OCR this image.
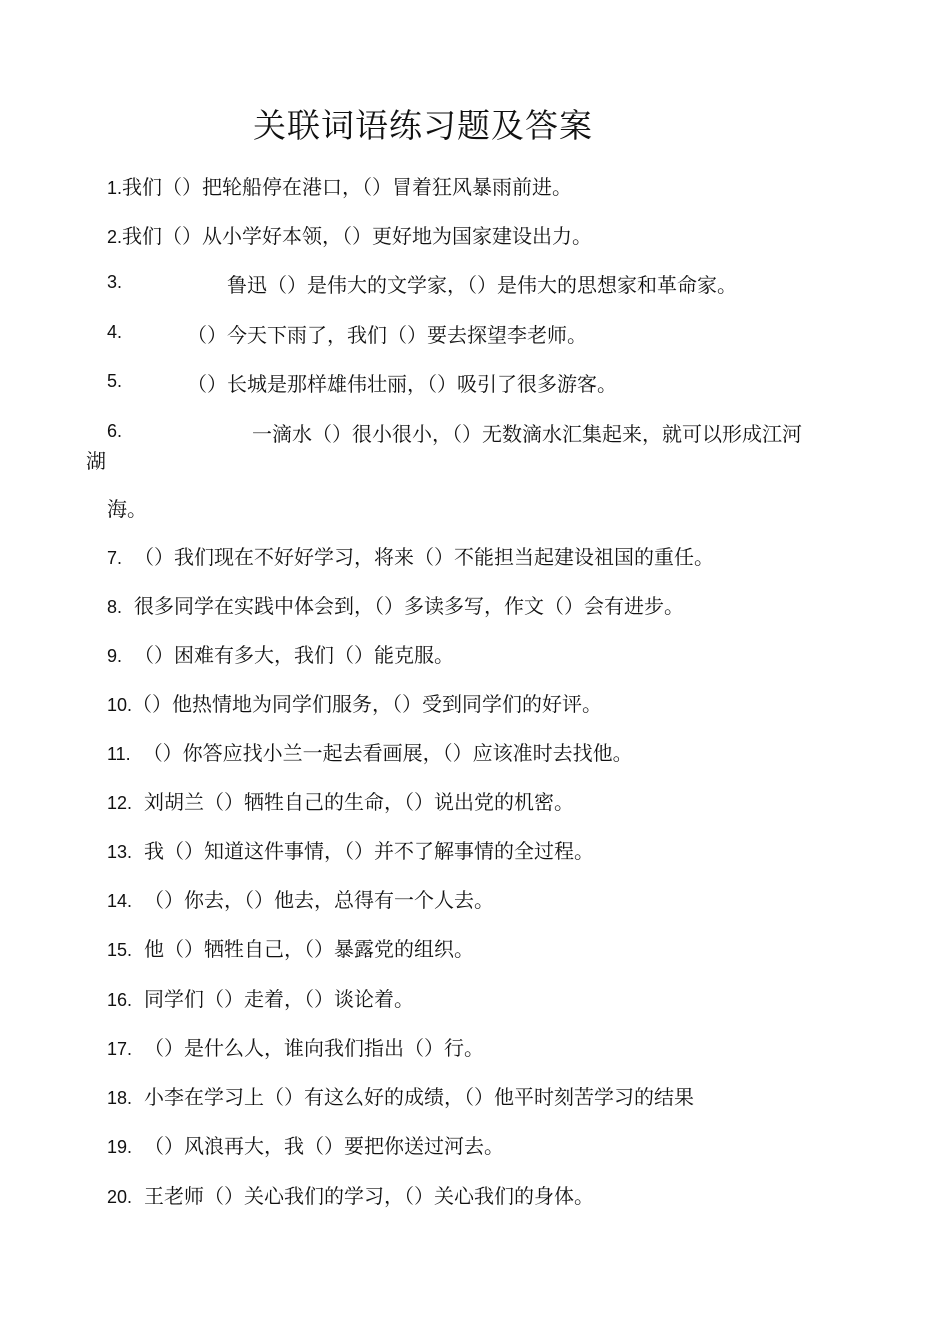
关联词语练习题及答案
1.我们（）把轮船停在港口，（）冒着狂风暴雨前进。
2.我们（）从小学好本领，（）更好地为国家建设出力。
3.	鲁迅（）是伟大的文学家，（）是伟大的思想家和革命家。
4.	（）今天下雨了，我们（）要去探望李老师。
5.	（）长城是那样雄伟壮丽，（）吸引了很多游客。
6.	一滴水（）很小很小，（）无数滴水汇集起来，就可以形成江河
湖
海。
7. （）我们现在不好好学习，将来（）不能担当起建设祖国的重任。
8. 很多同学在实践中体会到，（）多读多写，作文（）会有进步。
9. （）困难有多大，我们（）能克服。
10.（）他热情地为同学们服务，（）受到同学们的好评。
11. （）你答应找小兰一起去看画展，（）应该准时去找他。
12. 刘胡兰（）牺牲自己的生命，（）说出党的机密。
13. 我（）知道这件事情，（）并不了解事情的全过程。
14. （）你去，（）他去，总得有一个人去。
15. 他（）牺牲自己，（）暴露党的组织。
16. 同学们（）走着，（）谈论着。
17. （）是什么人，谁向我们指出（）行。
18. 小李在学习上（）有这么好的成绩，（）他平时刻苦学习的结果
19. （）风浪再大，我（）要把你送过河去。
20. 王老师（）关心我们的学习，（）关心我们的身体。
